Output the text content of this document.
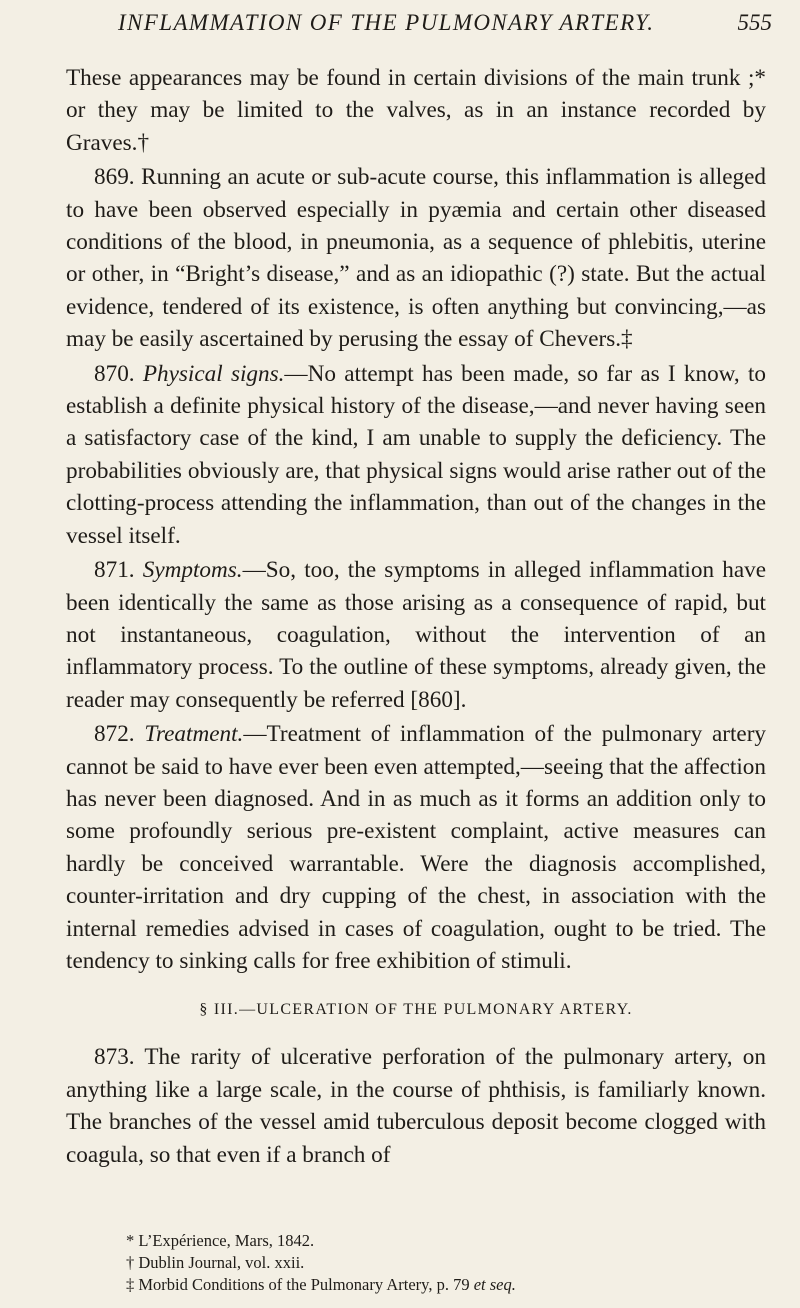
INFLAMMATION OF THE PULMONARY ARTERY.	555

These appearances may be found in certain divisions of the main trunk ;* or they may be limited to the valves, as in an instance recorded by Graves.†

869. Running an acute or sub-acute course, this inflammation is alleged to have been observed especially in pyæmia and certain other diseased conditions of the blood, in pneumonia, as a sequence of phlebitis, uterine or other, in “Bright’s disease,” and as an idiopathic (?) state. But the actual evidence, tendered of its existence, is often anything but convincing,—as may be easily ascertained by perusing the essay of Chevers.‡

870. Physical signs.—No attempt has been made, so far as I know, to establish a definite physical history of the disease,—and never having seen a satisfactory case of the kind, I am unable to supply the deficiency. The probabilities obviously are, that physical signs would arise rather out of the clotting-process attending the inflammation, than out of the changes in the vessel itself.

871. Symptoms.—So, too, the symptoms in alleged inflammation have been identically the same as those arising as a consequence of rapid, but not instantaneous, coagulation, without the intervention of an inflammatory process. To the outline of these symptoms, already given, the reader may consequently be referred [860].

872. Treatment.—Treatment of inflammation of the pulmonary artery cannot be said to have ever been even attempted,—seeing that the affection has never been diagnosed. And in as much as it forms an addition only to some profoundly serious pre-existent complaint, active measures can hardly be conceived warrantable. Were the diagnosis accomplished, counter-irritation and dry cupping of the chest, in association with the internal remedies advised in cases of coagulation, ought to be tried. The tendency to sinking calls for free exhibition of stimuli.

§ III.—ULCERATION OF THE PULMONARY ARTERY.

873. The rarity of ulcerative perforation of the pulmonary artery, on anything like a large scale, in the course of phthisis, is familiarly known. The branches of the vessel amid tuberculous deposit become clogged with coagula, so that even if a branch of

* L’Expérience, Mars, 1842.

† Dublin Journal, vol. xxii.

‡ Morbid Conditions of the Pulmonary Artery, p. 79 et seq.
